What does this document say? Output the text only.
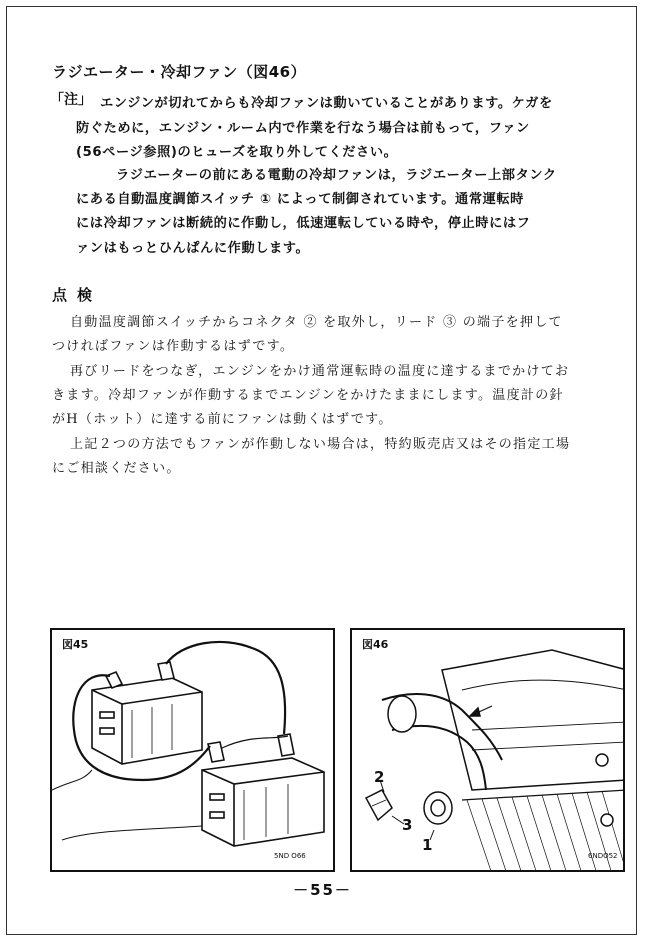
ラジエーター・冷却ファン（図46）
「注」 エンジンが切れてからも冷却ファンは動いていることがあります。ケガを
防ぐために，エンジン・ルーム内で作業を行なう場合は前もって，ファン
(56ページ参照)のヒューズを取り外してください。
ラジエーターの前にある電動の冷却ファンは，ラジエーター上部タンク
にある自動温度調節スイッチ ① によって制御されています。通常運転時
には冷却ファンは断続的に作動し，低速運転している時や，停止時にはフ
ァンはもっとひんぱんに作動します。
点検
自動温度調節スイッチからコネクタ ② を取外し，リード ③ の端子を押して
つければファンは作動するはずです。
再びリードをつなぎ，エンジンをかけ通常運転時の温度に達するまでかけてお
きます。冷却ファンが作動するまでエンジンをかけたままにします。温度計の針
がH（ホット）に達する前にファンは動くはずです。
上記２つの方法でもファンが作動しない場合は，特約販売店又はその指定工場
にご相談ください。
図45
5ND O66
図46
2
3
1
6NDO52
－55－
